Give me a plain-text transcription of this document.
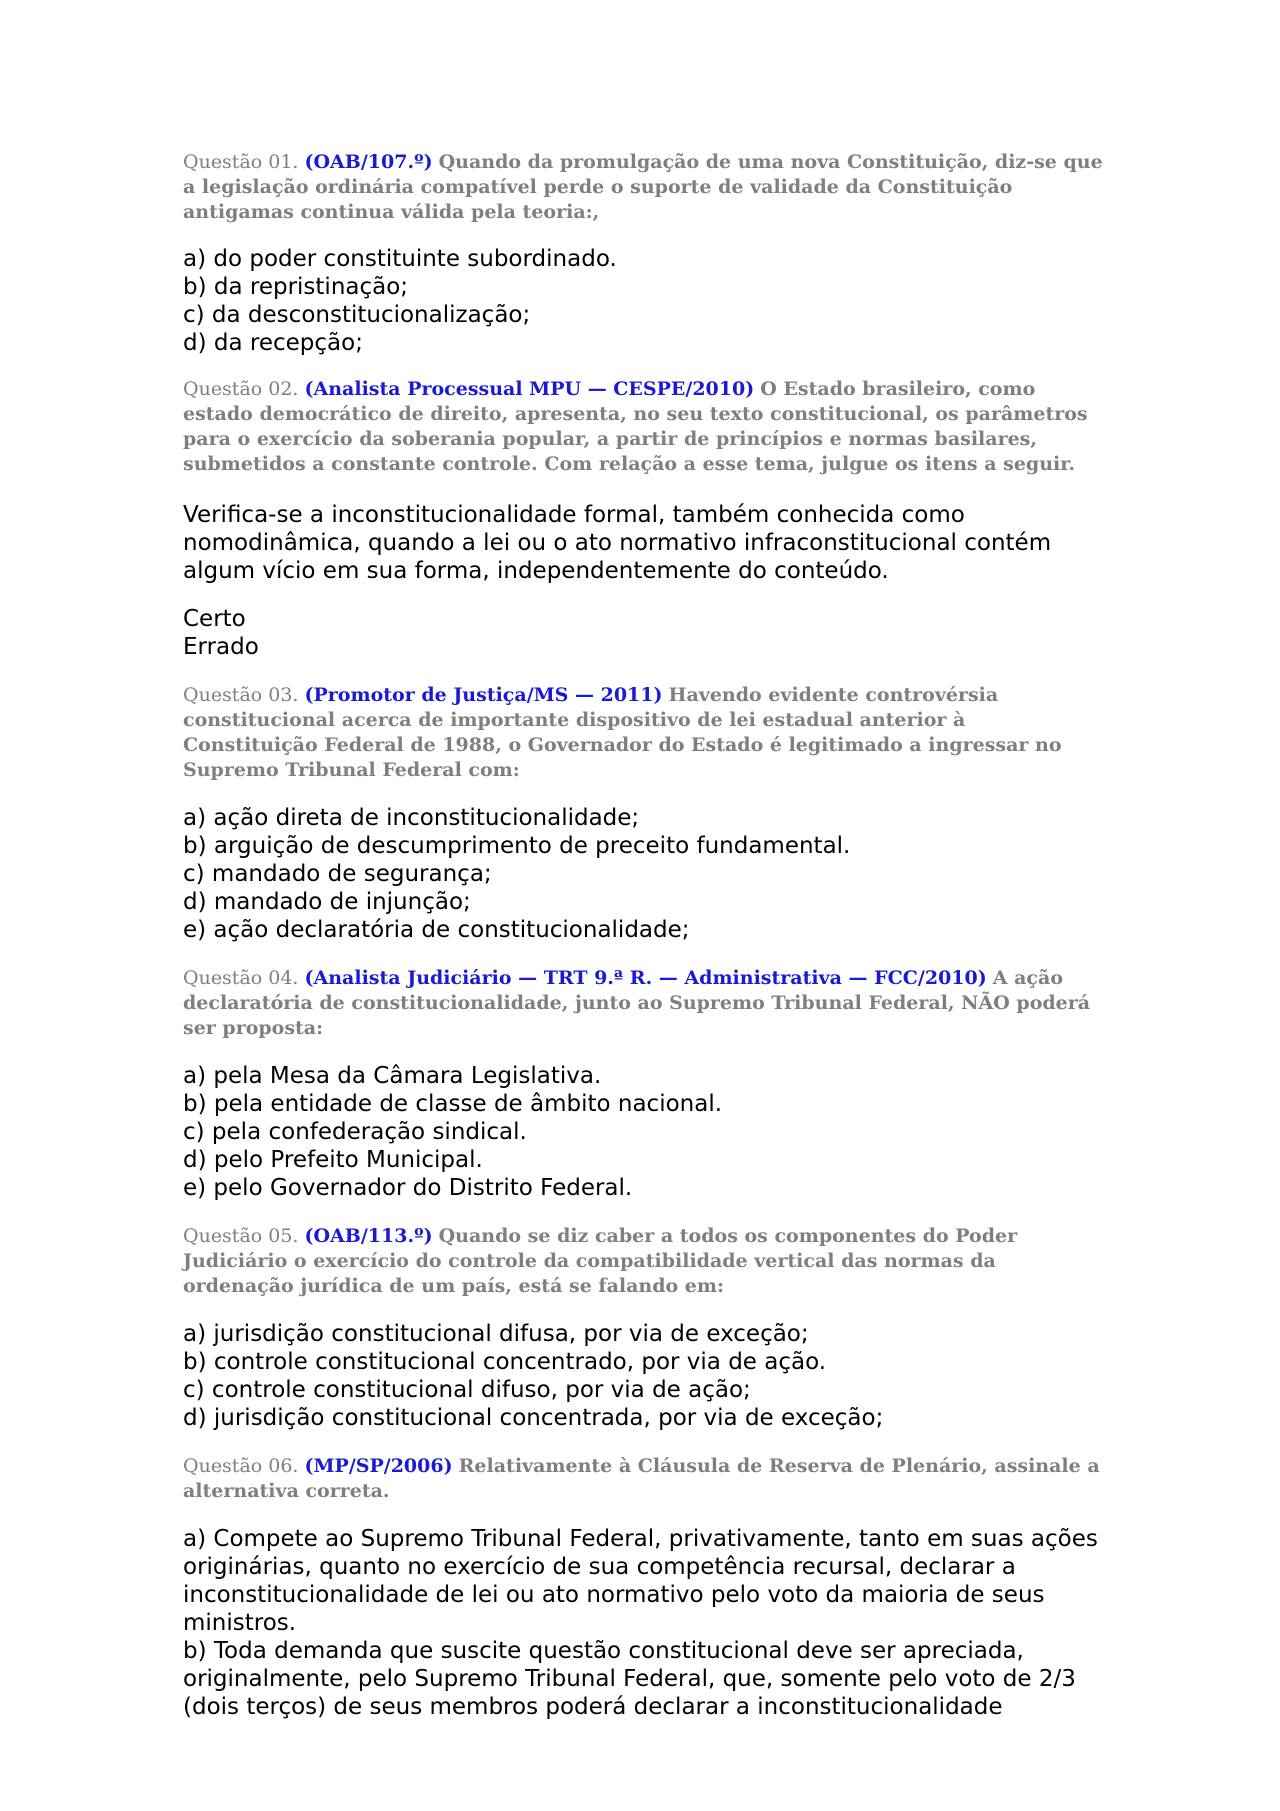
Questão 01. (OAB/107.º) Quando da promulgação de uma nova Constituição, diz-se que a legislação ordinária compatível perde o suporte de validade da Constituição antigamas continua válida pela teoria:,

a) do poder constituinte subordinado.
b) da repristinação;
c) da desconstitucionalização;
d) da recepção;

Questão 02. (Analista Processual MPU — CESPE/2010) O Estado brasileiro, como estado democrático de direito, apresenta, no seu texto constitucional, os parâmetros para o exercício da soberania popular, a partir de princípios e normas basilares, submetidos a constante controle. Com relação a esse tema, julgue os itens a seguir.

Verifica-se a inconstitucionalidade formal, também conhecida como nomodinâmica, quando a lei ou o ato normativo infraconstitucional contém algum vício em sua forma, independentemente do conteúdo.

Certo
Errado

Questão 03. (Promotor de Justiça/MS — 2011) Havendo evidente controvérsia constitucional acerca de importante dispositivo de lei estadual anterior à Constituição Federal de 1988, o Governador do Estado é legitimado a ingressar no Supremo Tribunal Federal com:

a) ação direta de inconstitucionalidade;
b) arguição de descumprimento de preceito fundamental.
c) mandado de segurança;
d) mandado de injunção;
e) ação declaratória de constitucionalidade;

Questão 04. (Analista Judiciário — TRT 9.ª R. — Administrativa — FCC/2010) A ação declaratória de constitucionalidade, junto ao Supremo Tribunal Federal, NÃO poderá ser proposta:

a) pela Mesa da Câmara Legislativa.
b) pela entidade de classe de âmbito nacional.
c) pela confederação sindical.
d) pelo Prefeito Municipal.
e) pelo Governador do Distrito Federal.

Questão 05. (OAB/113.º) Quando se diz caber a todos os componentes do Poder Judiciário o exercício do controle da compatibilidade vertical das normas da ordenação jurídica de um país, está se falando em:

a) jurisdição constitucional difusa, por via de exceção;
b) controle constitucional concentrado, por via de ação.
c) controle constitucional difuso, por via de ação;
d) jurisdição constitucional concentrada, por via de exceção;

Questão 06. (MP/SP/2006) Relativamente à Cláusula de Reserva de Plenário, assinale a alternativa correta.

a) Compete ao Supremo Tribunal Federal, privativamente, tanto em suas ações originárias, quanto no exercício de sua competência recursal, declarar a inconstitucionalidade de lei ou ato normativo pelo voto da maioria de seus ministros.
b) Toda demanda que suscite questão constitucional deve ser apreciada, originalmente, pelo Supremo Tribunal Federal, que, somente pelo voto de 2/3 (dois terços) de seus membros poderá declarar a inconstitucionalidade
